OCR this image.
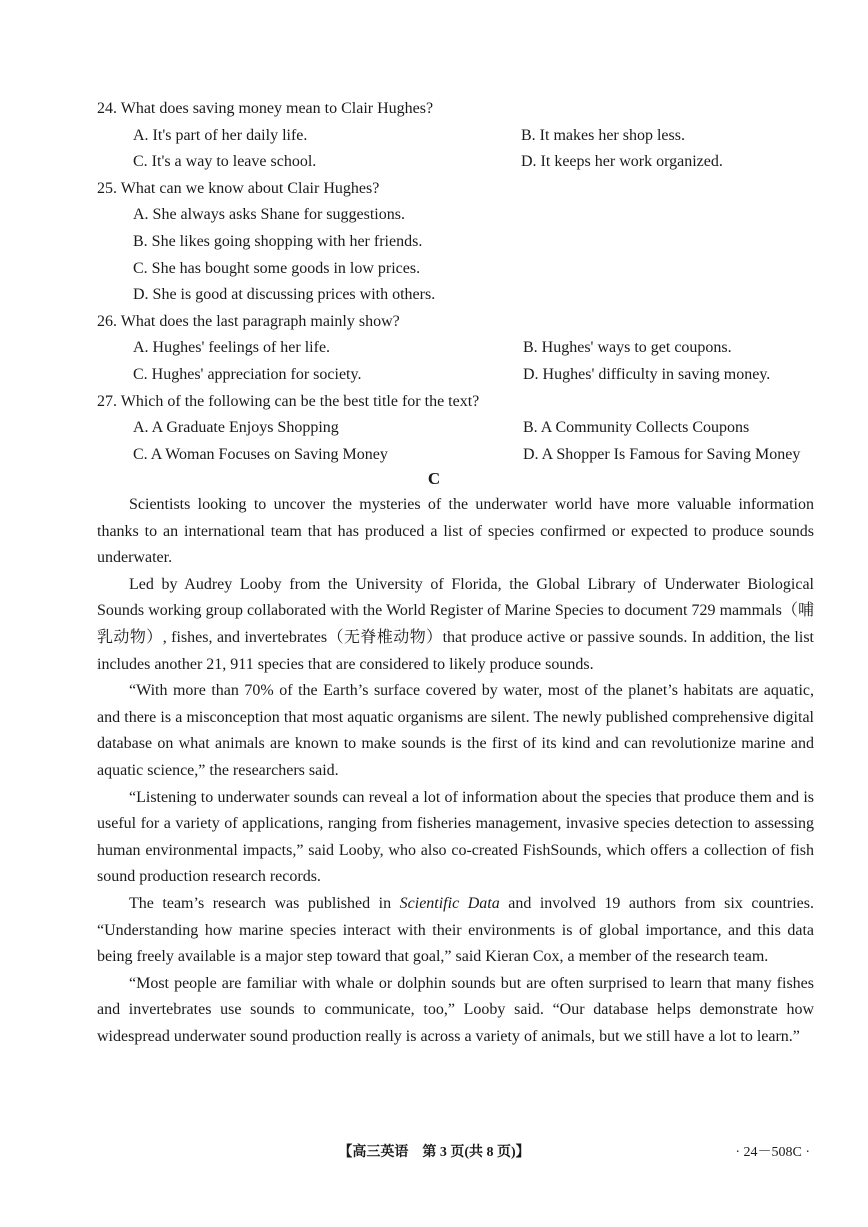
24. What does saving money mean to Clair Hughes?
A. It's part of her daily life.	B. It makes her shop less.
C. It's a way to leave school.	D. It keeps her work organized.
25. What can we know about Clair Hughes?
A. She always asks Shane for suggestions.
B. She likes going shopping with her friends.
C. She has bought some goods in low prices.
D. She is good at discussing prices with others.
26. What does the last paragraph mainly show?
A. Hughes' feelings of her life.	B. Hughes' ways to get coupons.
C. Hughes' appreciation for society.	D. Hughes' difficulty in saving money.
27. Which of the following can be the best title for the text?
A. A Graduate Enjoys Shopping	B. A Community Collects Coupons
C. A Woman Focuses on Saving Money	D. A Shopper Is Famous for Saving Money
C

Scientists looking to uncover the mysteries of the underwater world have more valuable information thanks to an international team that has produced a list of species confirmed or expected to produce sounds underwater.

Led by Audrey Looby from the University of Florida, the Global Library of Underwater Biological Sounds working group collaborated with the World Register of Marine Species to document 729 mammals（哺乳动物）, fishes, and invertebrates（无脊椎动物）that produce active or passive sounds. In addition, the list includes another 21, 911 species that are considered to likely produce sounds.

“With more than 70% of the Earth’s surface covered by water, most of the planet’s habitats are aquatic, and there is a misconception that most aquatic organisms are silent. The newly published comprehensive digital database on what animals are known to make sounds is the first of its kind and can revolutionize marine and aquatic science,” the researchers said.

“Listening to underwater sounds can reveal a lot of information about the species that produce them and is useful for a variety of applications, ranging from fisheries management, invasive species detection to assessing human environmental impacts,” said Looby, who also co-created FishSounds, which offers a collection of fish sound production research records.

The team’s research was published in Scientific Data and involved 19 authors from six countries. “Understanding how marine species interact with their environments is of global importance, and this data being freely available is a major step toward that goal,” said Kieran Cox, a member of the research team.

“Most people are familiar with whale or dolphin sounds but are often surprised to learn that many fishes and invertebrates use sounds to communicate, too,” Looby said. “Our database helps demonstrate how widespread underwater sound production really is across a variety of animals, but we still have a lot to learn.”

【高三英语　第 3 页(共 8 页)】	· 24－508C ·
